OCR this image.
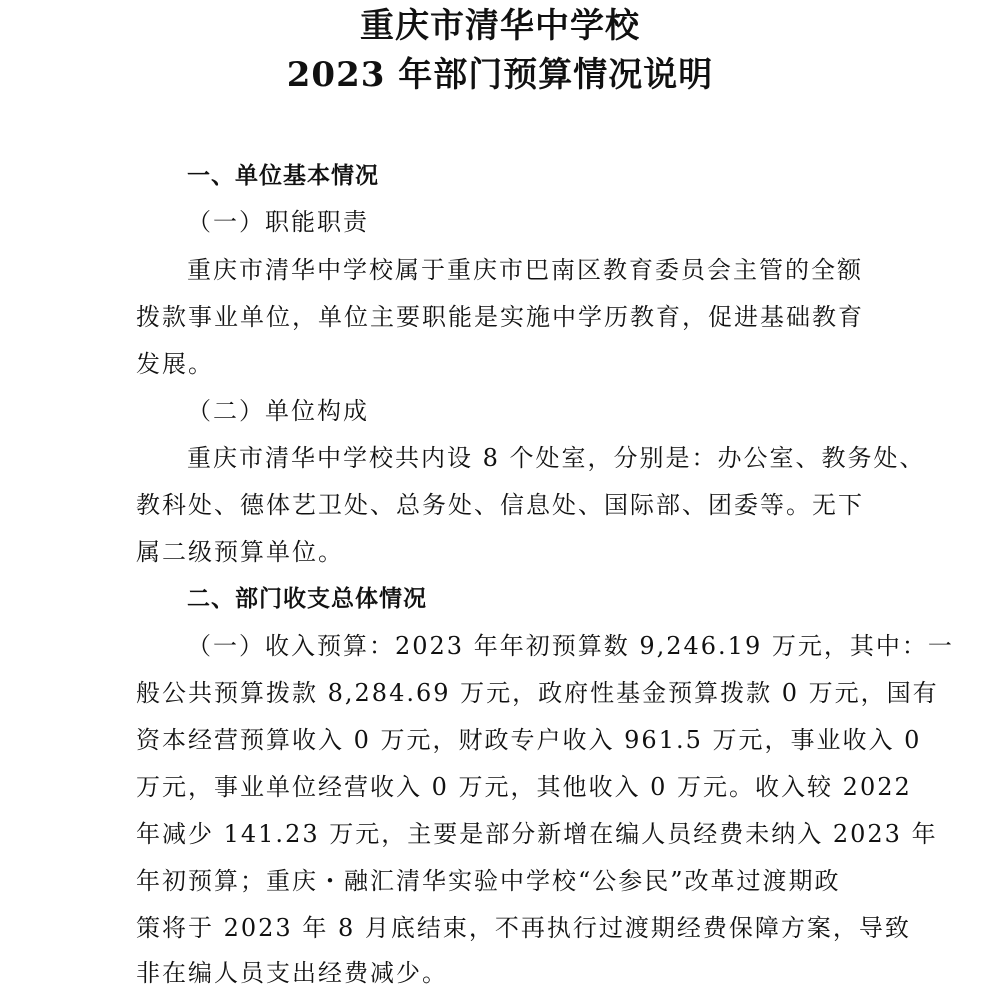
重庆市清华中学校
2023 年部门预算情况说明
一、单位基本情况
（一）职能职责
重庆市清华中学校属于重庆市巴南区教育委员会主管的全额
拨款事业单位，单位主要职能是实施中学历教育，促进基础教育
发展。
（二）单位构成
重庆市清华中学校共内设 8 个处室，分别是：办公室、教务处、
教科处、德体艺卫处、总务处、信息处、国际部、团委等。无下
属二级预算单位。
二、部门收支总体情况
（一）收入预算：2023 年年初预算数 9,246.19 万元，其中：一
般公共预算拨款 8,284.69 万元，政府性基金预算拨款 0 万元，国有
资本经营预算收入 0 万元，财政专户收入 961.5 万元，事业收入 0
万元，事业单位经营收入 0 万元，其他收入 0 万元。收入较 2022
年减少 141.23 万元，主要是部分新增在编人员经费未纳入 2023 年
年初预算；重庆・融汇清华实验中学校“公参民”改革过渡期政
策将于 2023 年 8 月底结束，不再执行过渡期经费保障方案，导致
非在编人员支出经费减少。
